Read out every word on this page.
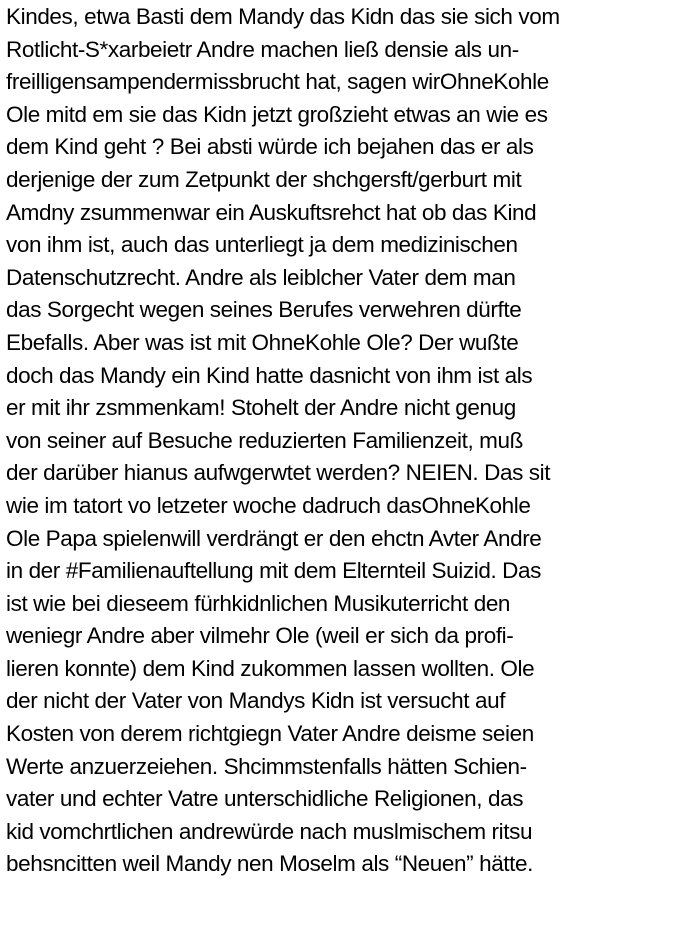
Kindes, etwa Basti dem Mandy das Kidn das sie sich vom
Rotlicht-S*xarbeietr Andre machen ließ densie als un-
freilligensampendermissbrucht hat, sagen wirOhneKohle
Ole mitd em sie das Kidn jetzt großzieht etwas an wie es
dem Kind geht ? Bei absti würde ich bejahen das er als
derjenige der zum Zetpunkt der shchgersft/gerburt mit
Amdny zsummenwar ein Auskuftsrehct hat ob das Kind
von ihm ist, auch das unterliegt ja dem medizinischen
Datenschutzrecht. Andre als leiblcher Vater dem man
das Sorgecht wegen seines Berufes verwehren dürfte
Ebefalls. Aber was ist mit OhneKohle Ole? Der wußte
doch das Mandy ein Kind hatte dasnicht von ihm ist als
er mit ihr zsmmenkam! Stohelt der Andre nicht genug
von seiner auf Besuche reduzierten Familienzeit, muß
der darüber hianus aufwgerwtet werden? NEIEN. Das sit
wie im tatort vo letzeter woche dadruch dasOhneKohle
Ole Papa spielenwill verdrängt er den ehctn Avter Andre
in der #Familienauftellung mit dem Elternteil Suizid. Das
ist wie bei dieseem fürhkidnlichen Musikuterricht den
weniegr Andre aber vilmehr Ole (weil er sich da profi-
lieren konnte) dem Kind zukommen lassen wollten. Ole
der nicht der Vater von Mandys Kidn ist versucht auf
Kosten von derem richtgiegn Vater Andre deisme seien
Werte anzuerzeiehen. Shcimmstenfalls hätten Schien-
vater und echter Vatre unterschidliche Religionen, das
kid vomchrtlichen andrewürde nach muslmischem ritsu
behsncitten weil Mandy nen Moselm als “Neuen” hätte.
